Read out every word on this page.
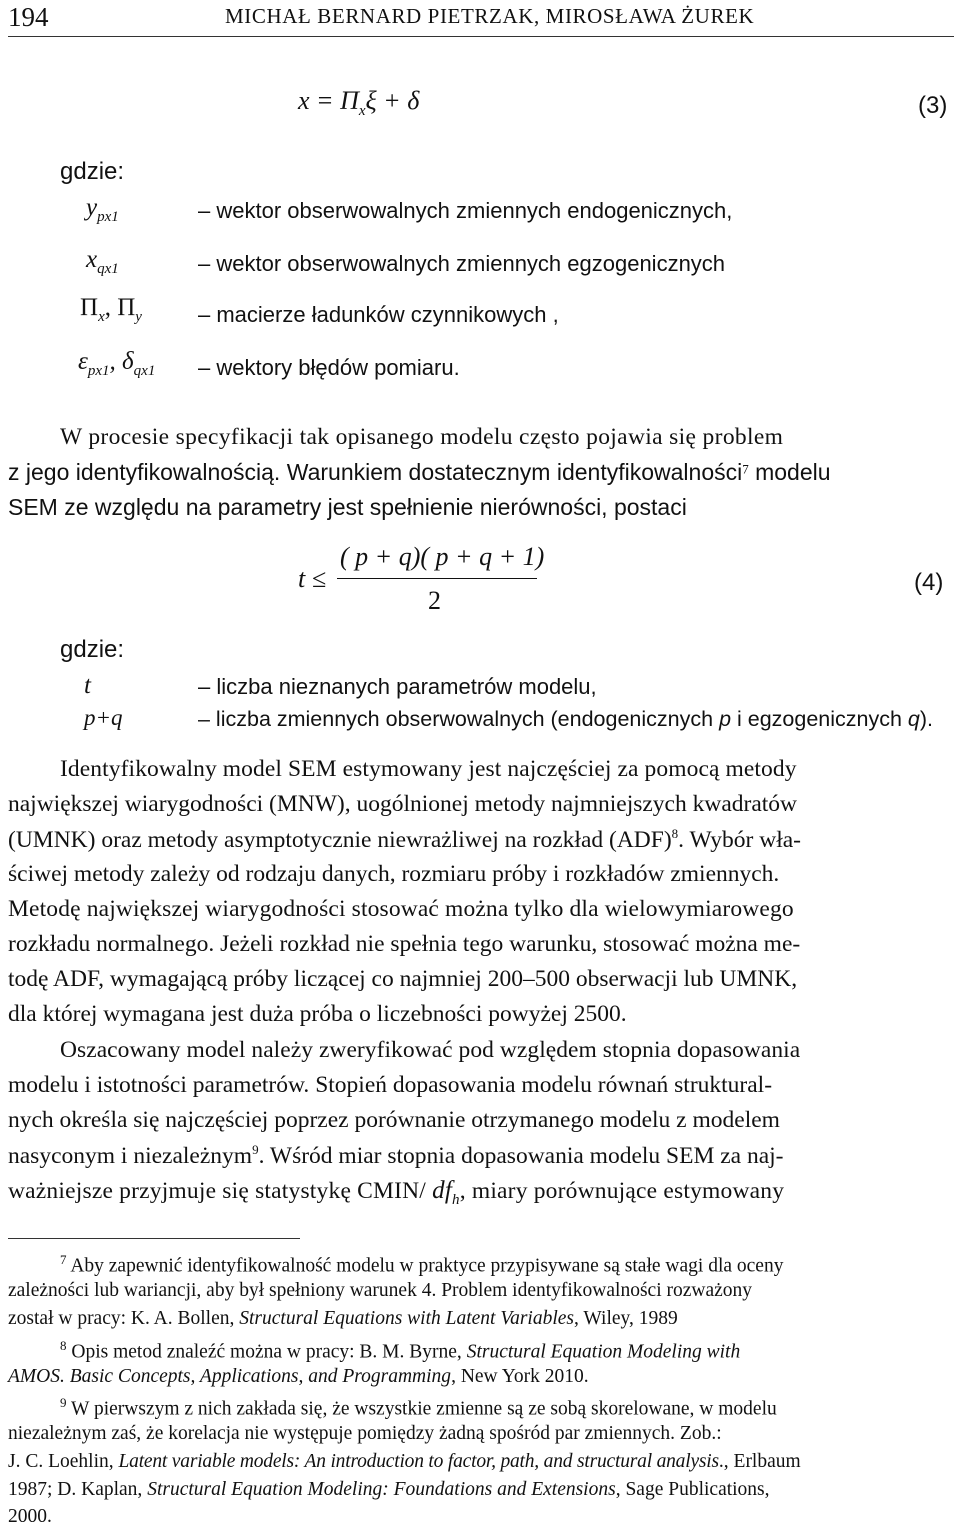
194	MICHAŁ BERNARD PIETRZAK, MIROSŁAWA ŻUREK
$x = \Pi_x\xi + \delta$	(3)
gdzie:
$y_{px1}$	– wektor obserwowalnych zmiennych endogenicznych,
$x_{qx1}$	– wektor obserwowalnych zmiennych egzogenicznych
$\Pi_x$, $\Pi_y$	– macierze ładunków czynnikowych ,
$\varepsilon_{px1}$, $\delta_{qx1}$ – wektory błędów pomiaru.
W procesie specyfikacji tak opisanego modelu często pojawia się problem
z jego identyfikowalnością. Warunkiem dostatecznym identyfikowalności$^7$ modelu
SEM ze względu na parametry jest spełnienie nierówności, postaci
t ≤
( p + q)( p + q + 1)
2
(4)
gdzie:
t	– liczba nieznanych parametrów modelu,
p+q	– liczba zmiennych obserwowalnych (endogenicznych p i egzogenicznych q).
Identyfikowalny model SEM estymowany jest najczęściej za pomocą metody
największej wiarygodności (MNW), uogólnionej metody najmniejszych kwadratów
(UMNK) oraz metody asymptotycznie niewrażliwej na rozkład (ADF)$^8$. Wybór wła-
ściwej metody zależy od rodzaju danych, rozmiaru próby i rozkładów zmiennych.
Metodę największej wiarygodności stosować można tylko dla wielowymiarowego
rozkładu normalnego. Jeżeli rozkład nie spełnia tego warunku, stosować można me-
todę ADF, wymagającą próby liczącej co najmniej 200–500 obserwacji lub UMNK,
dla której wymagana jest duża próba o liczebności powyżej 2500.
Oszacowany model należy zweryfikować pod względem stopnia dopasowania
modelu i istotności parametrów. Stopień dopasowania modelu równań struktural-
nych określa się najczęściej poprzez porównanie otrzymanego modelu z modelem
nasyconym i niezależnym$^9$. Wśród miar stopnia dopasowania modelu SEM za naj-
ważniejsze przyjmuje się statystykę CMIN/ $df_h$, miary porównujące estymowany
$^7$ Aby zapewnić identyfikowalność modelu w praktyce przypisywane są stałe wagi dla oceny
zależności lub wariancji, aby był spełniony warunek 4. Problem identyfikowalności rozważony
został w pracy: K. A. Bollen, Structural Equations with Latent Variables, Wiley, 1989
$^8$ Opis metod znaleźć można w pracy: B. M. Byrne, Structural Equation Modeling with
AMOS. Basic Concepts, Applications, and Programming, New York 2010.
$^9$ W pierwszym z nich zakłada się, że wszystkie zmienne są ze sobą skorelowane, w modelu
niezależnym zaś, że korelacja nie występuje pomiędzy żadną spośród par zmiennych. Zob.:
J. C. Loehlin, Latent variable models: An introduction to factor, path, and structural analysis., Erlbaum
1987; D. Kaplan, Structural Equation Modeling: Foundations and Extensions, Sage Publications,
2000.
